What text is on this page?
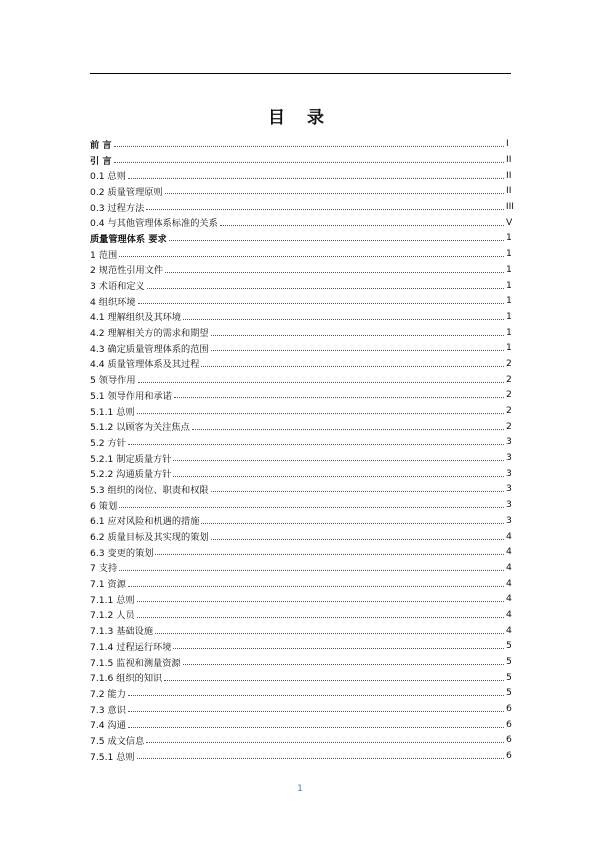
目 录
前 言	I
引 言	II
0.1 总则	II
0.2 质量管理原则	II
0.3 过程方法	III
0.4 与其他管理体系标准的关系	V
质量管理体系 要求	1
1 范围	1
2 规范性引用文件	1
3 术语和定义	1
4 组织环境	1
4.1 理解组织及其环境	1
4.2 理解相关方的需求和期望	1
4.3 确定质量管理体系的范围	1
4.4 质量管理体系及其过程	2
5 领导作用	2
5.1 领导作用和承诺	2
5.1.1 总则	2
5.1.2 以顾客为关注焦点	2
5.2 方针	3
5.2.1 制定质量方针	3
5.2.2 沟通质量方针	3
5.3 组织的岗位、职责和权限	3
6 策划	3
6.1 应对风险和机遇的措施	3
6.2 质量目标及其实现的策划	4
6.3 变更的策划	4
7 支持	4
7.1 资源	4
7.1.1 总则	4
7.1.2 人员	4
7.1.3 基础设施	4
7.1.4 过程运行环境	5
7.1.5 监视和测量资源	5
7.1.6 组织的知识	5
7.2 能力	5
7.3 意识	6
7.4 沟通	6
7.5 成文信息	6
7.5.1 总则	6
1
